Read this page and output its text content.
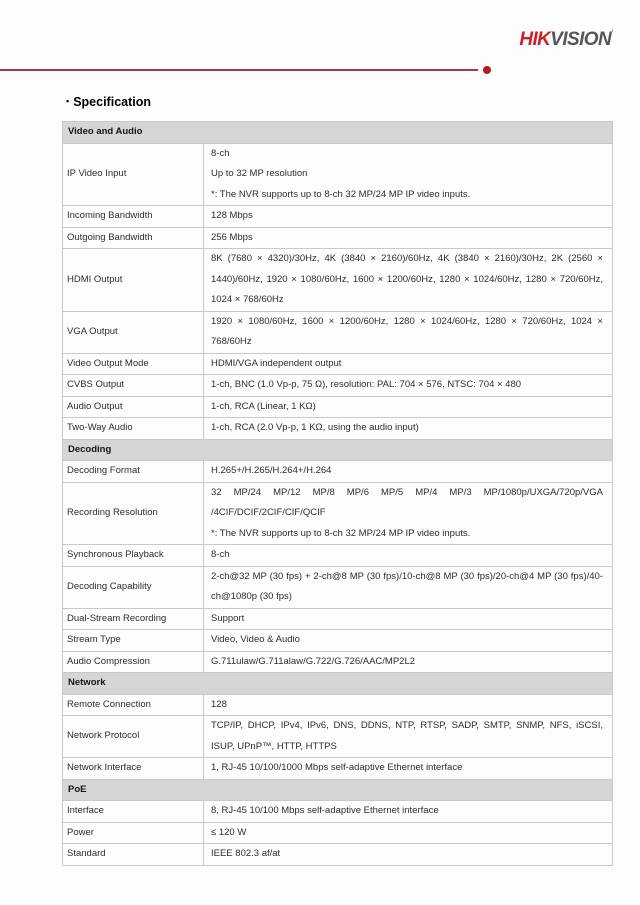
HIKVISION’
▪ Specification
Video and Audio	
IP Video Input	8-ch

Up to 32 MP resolution

*: The NVR supports up to 8-ch 32 MP/24 MP IP video inputs.

Incoming Bandwidth	128 Mbps

Outgoing Bandwidth	256 Mbps

HDMI Output	8K (7680 × 4320)/30Hz, 4K (3840 × 2160)/60Hz, 4K (3840 × 2160)/30Hz, 2K (2560 × 1440)/60Hz, 1920 × 1080/60Hz, 1600 × 1200/60Hz, 1280 × 1024/60Hz, 1280 × 720/60Hz, 1024 × 768/60Hz

VGA Output	1920 × 1080/60Hz, 1600 × 1200/60Hz, 1280 × 1024/60Hz, 1280 × 720/60Hz, 1024 × 768/60Hz

Video Output Mode	HDMI/VGA independent output

CVBS Output	1-ch, BNC (1.0 Vp-p, 75 Ω), resolution: PAL: 704 × 576, NTSC: 704 × 480

Audio Output	1-ch, RCA (Linear, 1 KΩ)

Two-Way Audio	1-ch, RCA (2.0 Vp-p, 1 KΩ, using the audio input)

Decoding	
Decoding Format	H.265+/H.265/H.264+/H.264

Recording Resolution	32 MP/24 MP/12 MP/8 MP/6 MP/5 MP/4 MP/3 MP/1080p/UXGA/720p/VGA /4CIF/DCIF/2CIF/CIF/QCIF

*: The NVR supports up to 8-ch 32 MP/24 MP IP video inputs.

Synchronous Playback	8-ch

Decoding Capability	2-ch@32 MP (30 fps) + 2-ch@8 MP (30 fps)/10-ch@8 MP (30 fps)/20-ch@4 MP (30 fps)/40-ch@1080p (30 fps)

Dual-Stream Recording	Support

Stream Type	Video, Video & Audio

Audio Compression	G.711ulaw/G.711alaw/G.722/G.726/AAC/MP2L2

Network	
Remote Connection	128

Network Protocol	TCP/IP, DHCP, IPv4, IPv6, DNS, DDNS, NTP, RTSP, SADP, SMTP, SNMP, NFS, iSCSI, ISUP, UPnP™, HTTP, HTTPS

Network Interface	1, RJ-45 10/100/1000 Mbps self-adaptive Ethernet interface

PoE	
Interface	8, RJ-45 10/100 Mbps self-adaptive Ethernet interface

Power	≤ 120 W

Standard	IEEE 802.3 af/at
